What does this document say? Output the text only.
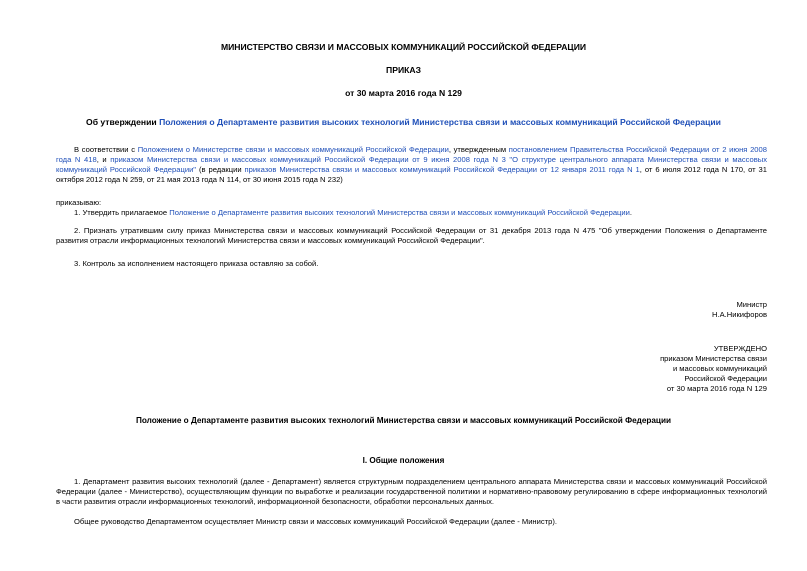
МИНИСТЕРСТВО СВЯЗИ И МАССОВЫХ КОММУНИКАЦИЙ РОССИЙСКОЙ ФЕДЕРАЦИИ
ПРИКАЗ
от 30 марта 2016 года N 129
Об утверждении Положения о Департаменте развития высоких технологий Министерства связи и массовых коммуникаций Российской Федерации
В соответствии с Положением о Министерстве связи и массовых коммуникаций Российской Федерации, утвержденным постановлением Правительства Российской Федерации от 2 июня 2008 года N 418, и приказом Министерства связи и массовых коммуникаций Российской Федерации от 9 июня 2008 года N 3 "О структуре центрального аппарата Министерства связи и массовых коммуникаций Российской Федерации" (в редакции приказов Министерства связи и массовых коммуникаций Российской Федерации от 12 января 2011 года N 1, от 6 июля 2012 года N 170, от 31 октября 2012 года N 259, от 21 мая 2013 года N 114, от 30 июня 2015 года N 232)
приказываю:
1. Утвердить прилагаемое Положение о Департаменте развития высоких технологий Министерства связи и массовых коммуникаций Российской Федерации.
2. Признать утратившим силу приказ Министерства связи и массовых коммуникаций Российской Федерации от 31 декабря 2013 года N 475 "Об утверждении Положения о Департаменте развития отрасли информационных технологий Министерства связи и массовых коммуникаций Российской Федерации".
3. Контроль за исполнением настоящего приказа оставляю за собой.
Министр
Н.А.Никифоров
УТВЕРЖДЕНО
приказом Министерства связи
и массовых коммуникаций
Российской Федерации
от 30 марта 2016 года N 129
Положение о Департаменте развития высоких технологий Министерства связи и массовых коммуникаций Российской Федерации
I. Общие положения
1. Департамент развития высоких технологий (далее - Департамент) является структурным подразделением центрального аппарата Министерства связи и массовых коммуникаций Российской Федерации (далее - Министерство), осуществляющим функции по выработке и реализации государственной политики и нормативно-правовому регулированию в сфере информационных технологий в части развития отрасли информационных технологий, информационной безопасности, обработки персональных данных.
Общее руководство Департаментом осуществляет Министр связи и массовых коммуникаций Российской Федерации (далее - Министр).
